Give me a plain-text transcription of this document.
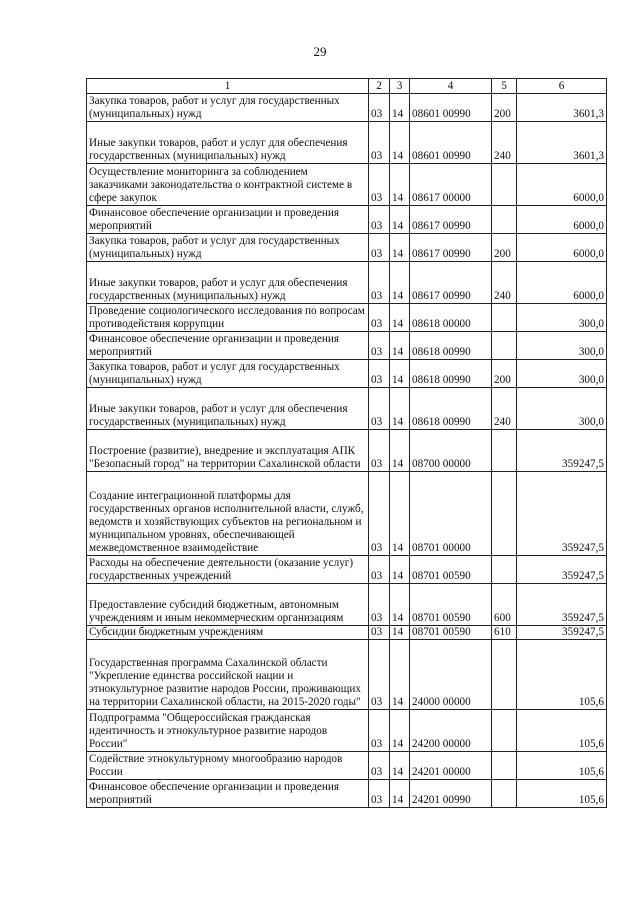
29
1	2	3	4	5	6
Закупка товаров, работ и услуг для государственных (муниципальных) нужд	03	14	08601 00990	200	3601,3
Иные закупки товаров, работ и услуг для обеспечения государственных (муниципальных) нужд	03	14	08601 00990	240	3601,3
Осуществление мониторинга за соблюдением заказчиками законодательства о контрактной системе в сфере закупок	03	14	08617 00000		6000,0
Финансовое обеспечение организации и проведения мероприятий	03	14	08617 00990		6000,0
Закупка товаров, работ и услуг для государственных (муниципальных) нужд	03	14	08617 00990	200	6000,0
Иные закупки товаров, работ и услуг для обеспечения государственных (муниципальных) нужд	03	14	08617 00990	240	6000,0
Проведение социологического исследования по вопросам противодействия коррупции	03	14	08618 00000		300,0
Финансовое обеспечение организации и проведения мероприятий	03	14	08618 00990		300,0
Закупка товаров, работ и услуг для государственных (муниципальных) нужд	03	14	08618 00990	200	300,0
Иные закупки товаров, работ и услуг для обеспечения государственных (муниципальных) нужд	03	14	08618 00990	240	300,0
Построение (развитие), внедрение и эксплуатация АПК "Безопасный город" на территории Сахалинской области	03	14	08700 00000		359247,5
Создание интеграционной платформы для государственных органов исполнительной власти, служб, ведомств и хозяйствующих субъектов на региональном и муниципальном уровнях, обеспечивающей межведомственное взаимодействие	03	14	08701 00000		359247,5
Расходы на обеспечение деятельности (оказание услуг) государственных учреждений	03	14	08701 00590		359247,5
Предоставление субсидий бюджетным, автономным учреждениям и иным некоммерческим организациям	03	14	08701 00590	600	359247,5
Субсидии бюджетным учреждениям	03	14	08701 00590	610	359247,5
Государственная программа Сахалинской области "Укрепление единства российской нации и этнокультурное развитие народов России, проживающих на территории Сахалинской области, на 2015-2020 годы"	03	14	24000 00000		105,6
Подпрограмма "Общероссийская гражданская идентичность и этнокультурное развитие народов России"	03	14	24200 00000		105,6
Содействие этнокультурному многообразию народов России	03	14	24201 00000		105,6
Финансовое обеспечение организации и проведения мероприятий	03	14	24201 00990		105,6
